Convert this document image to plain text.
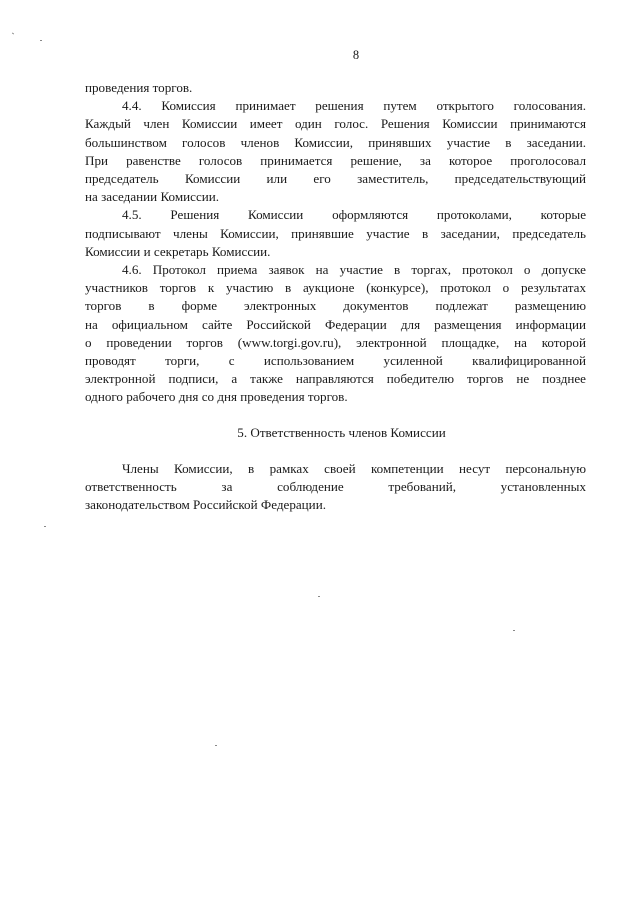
8
проведения торгов.
4.4. Комиссия принимает решения путем открытого голосования.
Каждый член Комиссии имеет один голос. Решения Комиссии принимаются
большинством голосов членов Комиссии, принявших участие в заседании.
При равенстве голосов принимается решение, за которое проголосовал
председатель Комиссии или его заместитель, председательствующий
на заседании Комиссии.
4.5. Решения Комиссии оформляются протоколами, которые
подписывают члены Комиссии, принявшие участие в заседании, председатель
Комиссии и секретарь Комиссии.
4.6. Протокол приема заявок на участие в торгах, протокол о допуске
участников торгов к участию в аукционе (конкурсе), протокол о результатах
торгов в форме электронных документов подлежат размещению
на официальном сайте Российской Федерации для размещения информации
о проведении торгов (www.torgi.gov.ru), электронной площадке, на которой
проводят торги, с использованием усиленной квалифицированной
электронной подписи, а также направляются победителю торгов не позднее
одного рабочего дня со дня проведения торгов.
5. Ответственность членов Комиссии
Члены Комиссии, в рамках своей компетенции несут персональную
ответственность за соблюдение требований, установленных
законодательством Российской Федерации.
